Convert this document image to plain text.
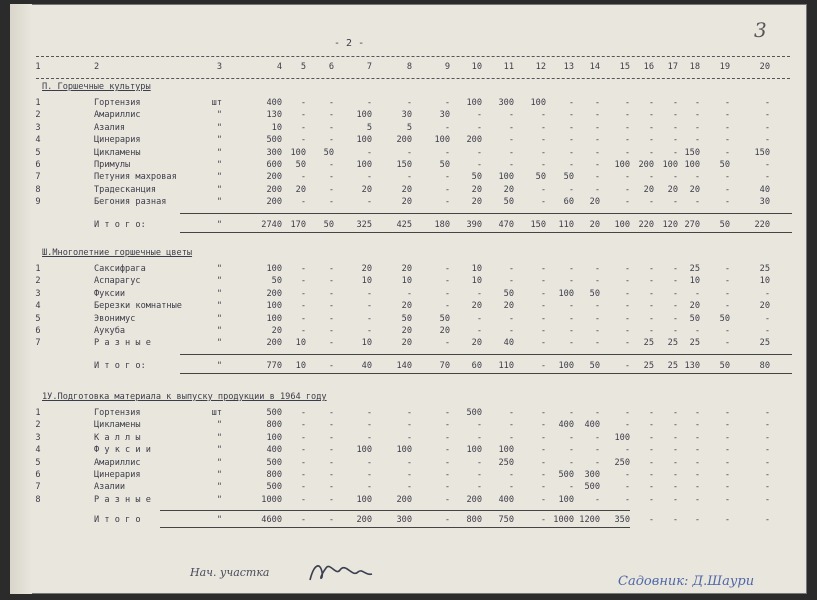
- 2 -
3
Нач. участка
Садовник: Д.Шаури
1	2	3	4	5	6	7	8	9	10	11	12	13	14	15	16	17	18	19	20
П. Горшечные культуры
1	Гортензия	шт	400	-	-	-	-	-	100	300	100	-	-	-	-	-	-	-	-
2	Амариллис	"	130	-	-	100	30	30	-	-	-	-	-	-	-	-	-	-	-
3	Азалия	"	10	-	-	5	5	-	-	-	-	-	-	-	-	-	-	-	-
4	Цинерария	"	500	-	-	100	200	100	200	-	-	-	-	-	-	-	-	-	-
5	Цикламены	"	300 100	50	-	-	-	-	-	-	-	-	-	-	- 150	-	150
6	Примулы	"	600	50	-	100	150	50	-	-	-	-	-	100 200 100 100	50	-
7	Петуния махровая	"	200	-	-	-	-	-	50	100	50	50	-	-	-	-	-	-	-
8	Традесканция	"	200	20	-	20	20	-	20	20	-	-	-	-	20	20	20	-	40
9	Бегония разная	"	200	-	-	-	20	-	20	50	-	60	20	-	-	-	-	-	30
И т о г о:	"	2740 170	50	325	425	180	390	470	150	110	20	100 220 120 270	50	220
Ш.Многолетние горшечные цветы
1	Саксифрага	"	100	-	-	20	20	-	10	-	-	-	-	-	-	-	25	-	25
2	Аспарагус	"	50	-	-	10	10	-	10	-	-	-	-	-	-	-	10	-	10
3	Фуксии	"	200	-	-	-	-	-	-	50	-	100	50	-	-	-	-	-	-
4	Березки комнатные	"	100	-	-	-	20	-	20	20	-	-	-	-	-	-	20	-	20
5	Эвонимус	"	100	-	-	-	50	50	-	-	-	-	-	-	-	-	50	50	-
6	Аукуба	"	20	-	-	-	20	20	-	-	-	-	-	-	-	-	-	-	-
7	Р а з н ы е	"	200	10	-	10	20	-	20	40	-	-	-	-	25	25	25	-	25
И т о г о:	"	770	10	-	40	140	70	60	110	-	100	50	-	25	25 130	50	80
1У.Подготовка материала к выпуску продукции в 1964 году
1	Гортензия	шт	500	-	-	-	-	-	500	-	-	-	-	-	-	-	-	-	-
2	Цикламены	"	800	-	-	-	-	-	-	-	-	400	400	-	-	-	-	-	-
3	К а л л ы	"	100	-	-	-	-	-	-	-	-	-	-	100	-	-	-	-	-
4	Ф у к с и и	"	400	-	-	100	100	-	100	100	-	-	-	-	-	-	-	-	-
5	Амариллис	"	500	-	-	-	-	-	-	250	-	-	-	250	-	-	-	-	-
6	Цинерария	"	800	-	-	-	-	-	-	-	-	500	300	-	-	-	-	-	-
7	Азалии	"	500	-	-	-	-	-	-	-	-	-	500	-	-	-	-	-	-
8	Р а з н ы е	"	1000	-	-	100	200	-	200	400	-	100	-	-	-	-	-	-	-
И т о г о	"	4600	-	-	200	300	-	800	750	- 1000 1200	350	-	-	-	-	-
